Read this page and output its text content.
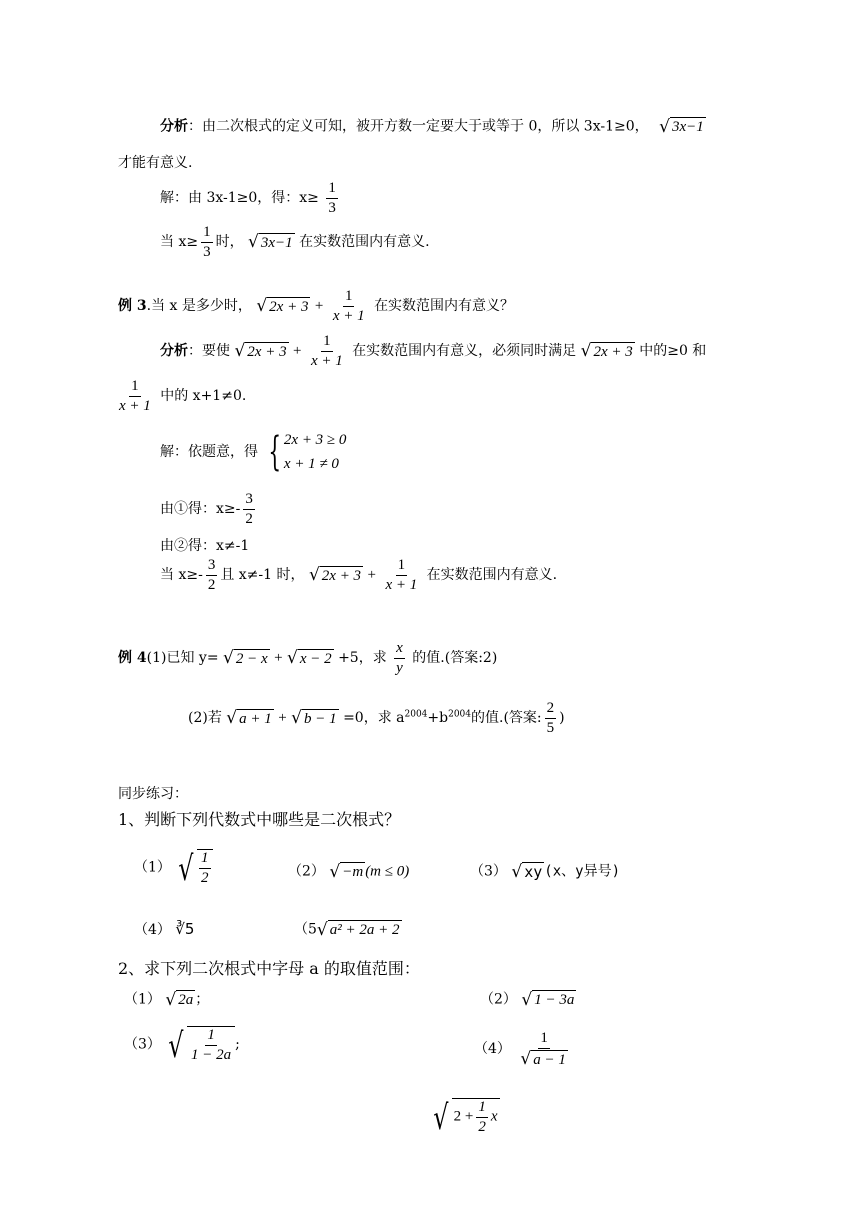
分析：由二次根式的定义可知，被开方数一定要大于或等于 0，所以 3x-1≥0， √ 3x−1
才能有意义.
解：由 3x-1≥0，得：$x\ge \frac{1}{3}$
当 $x\ge \frac{1}{3}$ 时， √ 3x−1 在实数范围内有意义.
例 3.当 x 是多少时， √ $2x + 3 + \frac{1}{x + 1}$ 在实数范围内有意义？
分析：要使 √ $2x + 3 + \frac{1}{x + 1}$ 在实数范围内有意义，必须同时满足 √ 2x + 3 中的≥0 和
$\frac{1}{x + 1}$ 中的 x+1≠0.
解：依题意，得 { 2x + 3 ≥ 0
x + 1 ≠ 0
由①得：$x\ge- \frac{3}{2}$
由②得：x≠-1
当 $x\ge- \frac{3}{2}$ 且 x≠-1 时， √ $2x + 3 + \frac{1}{x + 1}$ 在实数范围内有意义.
例 4(1)已知 y= √ 2 − x + √ x − 2 +5，求 $\frac{x}{y}$ 的值.(答案:2)
(2)若 √ a + 1 + √ b − 1 =0，求 $a^{2004}+b^{2004}$的值.(答案: $\frac{2}{5}$ )
同步练习：
1、判断下列代数式中哪些是二次根式？
（1） √ $\frac{1}{2}$	（2） √ −m (m ≤ 0)	（3） √ xy (x、y异号)
（4） ∛5	（5 √ a² + 2a + 2
2、求下列二次根式中字母 a 的取值范围：
（1） √ 2a ；	（2） √ 1 − 3a
（3） √ $\frac{1}{1 - 2a}$ ;	$(4) \frac{1}{√ a - 1}$
√ $2 + \frac{1}{2}$ x
